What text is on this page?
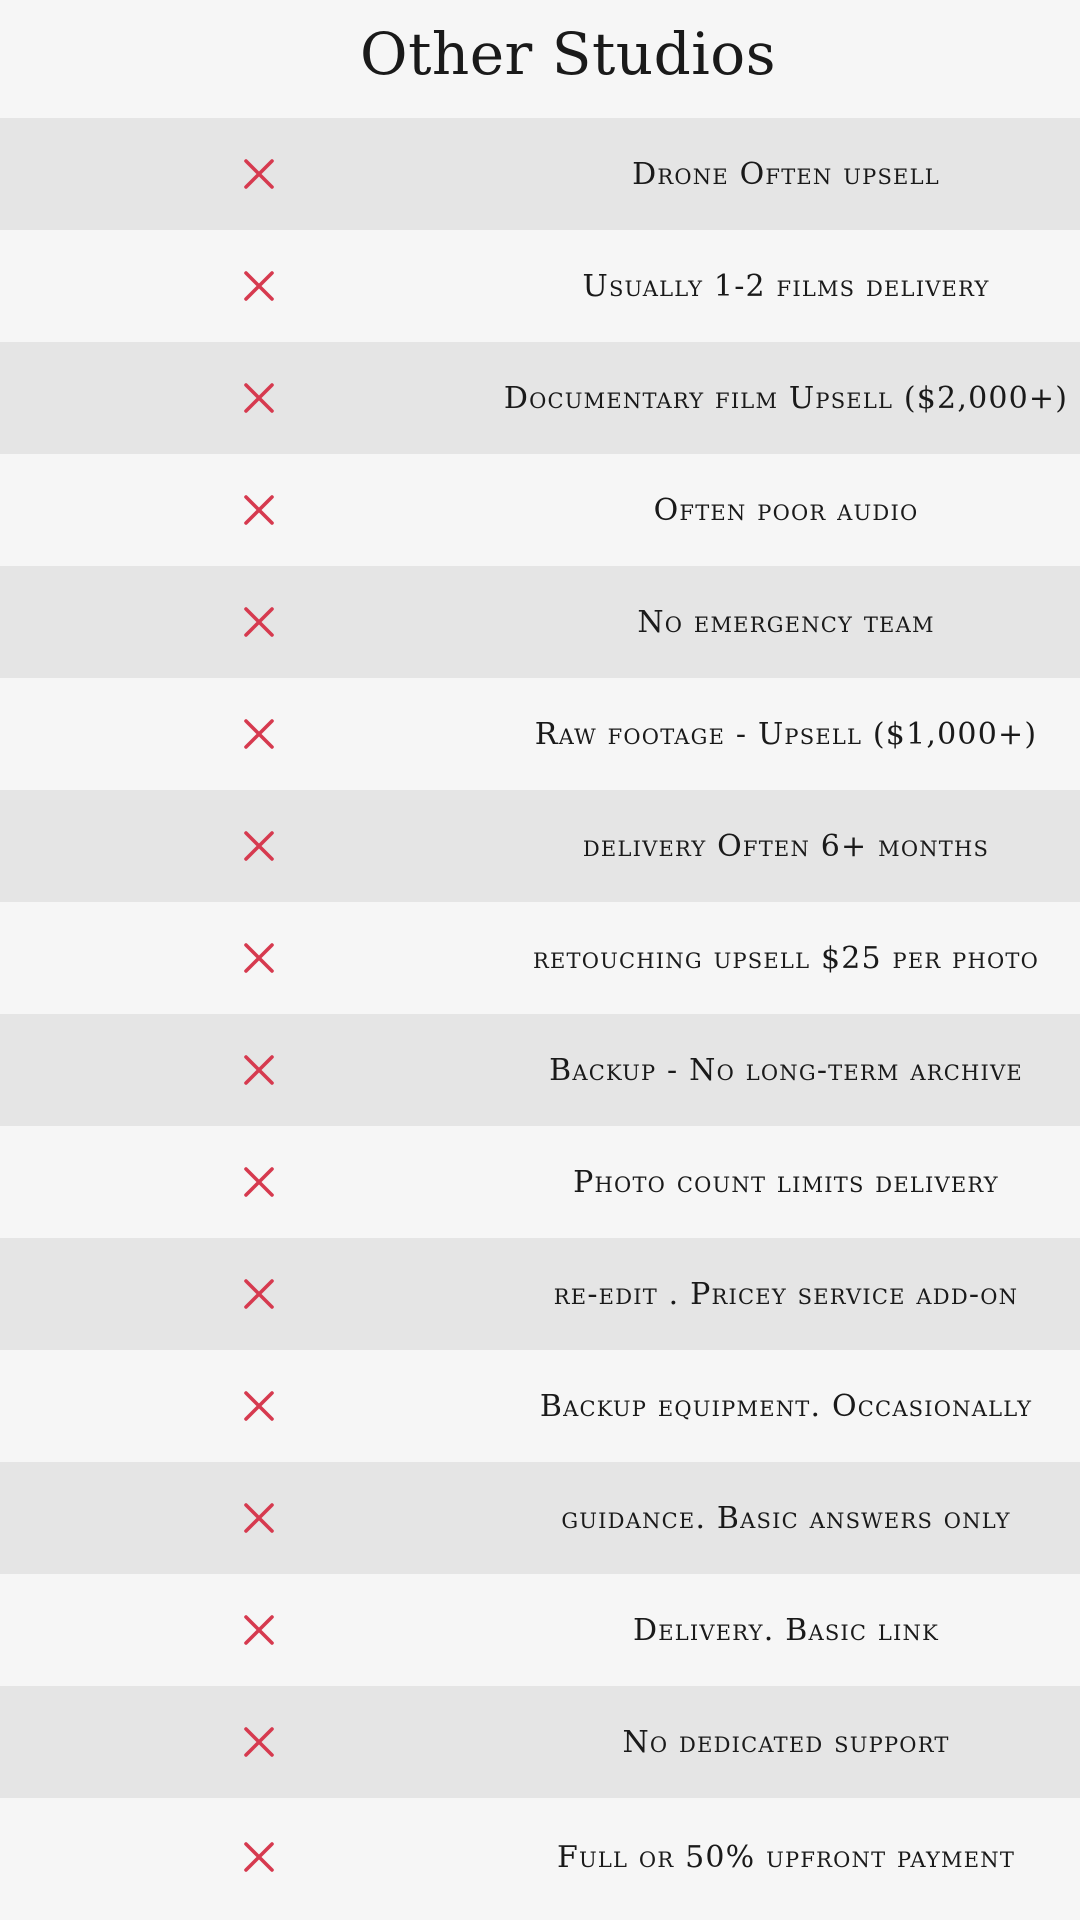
Other Studios
Drone Often upsell
Usually 1-2 films delivery
Documentary film Upsell ($2,000+)
Often poor audio
No emergency team
Raw footage - Upsell ($1,000+)
delivery Often 6+ months
retouching upsell $25 per photo
Backup - No long-term archive
Photo count limits delivery
re-edit . Pricey service add-on
Backup equipment. Occasionally
guidance. Basic answers only
Delivery. Basic link
No dedicated support
Full or 50% upfront payment
